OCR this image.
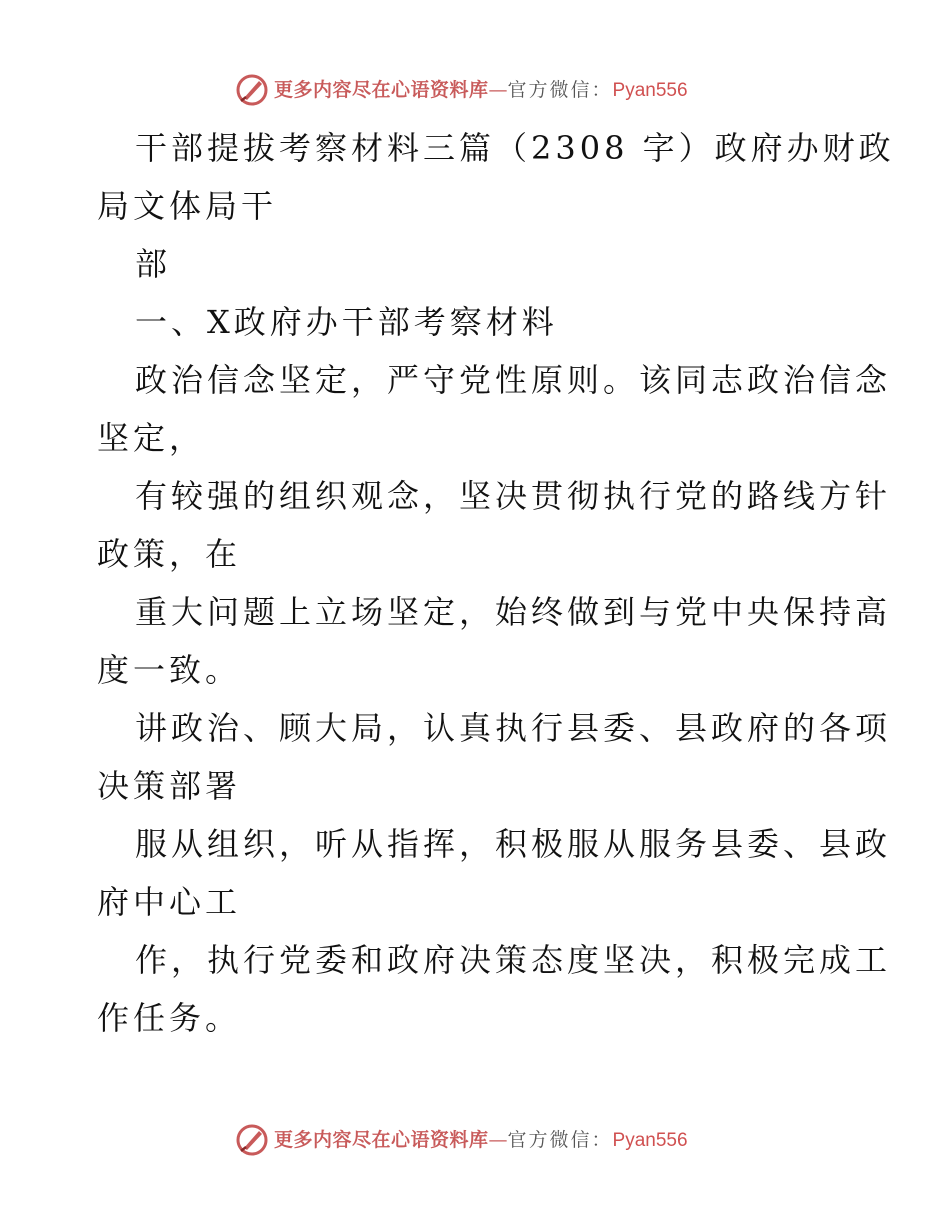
更多内容尽在心语资料库—官方微信：Pyan556
干部提拔考察材料三篇（2308 字）政府办财政
局文体局干
部
一、X政府办干部考察材料
政治信念坚定，严守党性原则。该同志政治信念
坚定，
有较强的组织观念，坚决贯彻执行党的路线方针
政策，在
重大问题上立场坚定，始终做到与党中央保持高
度一致。
讲政治、顾大局，认真执行县委、县政府的各项
决策部署
服从组织，听从指挥，积极服从服务县委、县政
府中心工
作，执行党委和政府决策态度坚决，积极完成工
作任务。
更多内容尽在心语资料库—官方微信：Pyan556
